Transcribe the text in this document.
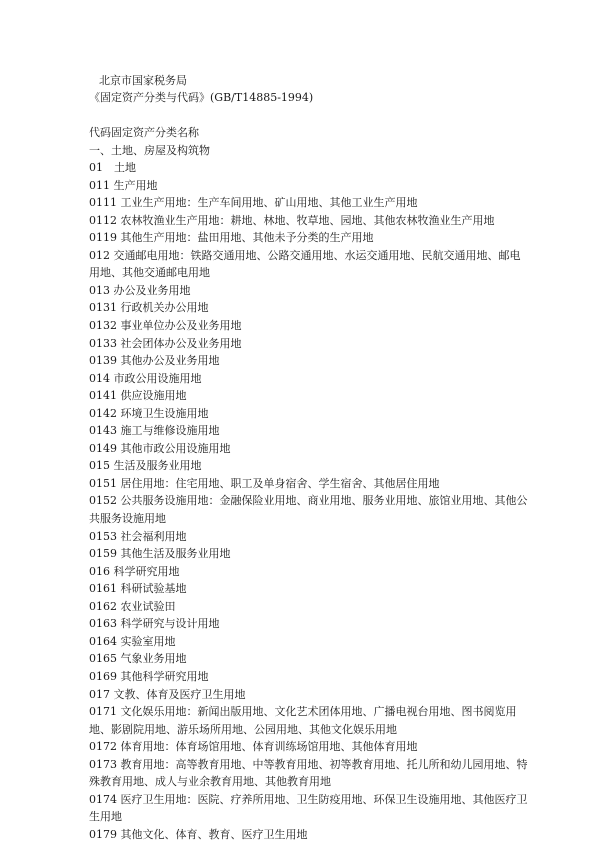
北京市国家税务局
《固定资产分类与代码》(GB/T14885-1994)
代码固定资产分类名称
一、土地、房屋及构筑物
01　土地
011 生产用地
0111 工业生产用地：生产车间用地、矿山用地、其他工业生产用地
0112 农林牧渔业生产用地：耕地、林地、牧草地、园地、其他农林牧渔业生产用地
0119 其他生产用地：盐田用地、其他未予分类的生产用地
012 交通邮电用地：铁路交通用地、公路交通用地、水运交通用地、民航交通用地、邮电用地、其他交通邮电用地
013 办公及业务用地
0131 行政机关办公用地
0132 事业单位办公及业务用地
0133 社会团体办公及业务用地
0139 其他办公及业务用地
014 市政公用设施用地
0141 供应设施用地
0142 环境卫生设施用地
0143 施工与维修设施用地
0149 其他市政公用设施用地
015 生活及服务业用地
0151 居住用地：住宅用地、职工及单身宿舍、学生宿舍、其他居住用地
0152 公共服务设施用地：金融保险业用地、商业用地、服务业用地、旅馆业用地、其他公共服务设施用地
0153 社会福利用地
0159 其他生活及服务业用地
016 科学研究用地
0161 科研试验基地
0162 农业试验田
0163 科学研究与设计用地
0164 实验室用地
0165 气象业务用地
0169 其他科学研究用地
017 文教、体育及医疗卫生用地
0171 文化娱乐用地：新闻出版用地、文化艺术团体用地、广播电视台用地、图书阅览用地、影剧院用地、游乐场所用地、公园用地、其他文化娱乐用地
0172 体育用地：体育场馆用地、体育训练场馆用地、其他体育用地
0173 教育用地：高等教育用地、中等教育用地、初等教育用地、托儿所和幼儿园用地、特殊教育用地、成人与业余教育用地、其他教育用地
0174 医疗卫生用地：医院、疗养所用地、卫生防疫用地、环保卫生设施用地、其他医疗卫生用地
0179 其他文化、体育、教育、医疗卫生用地
